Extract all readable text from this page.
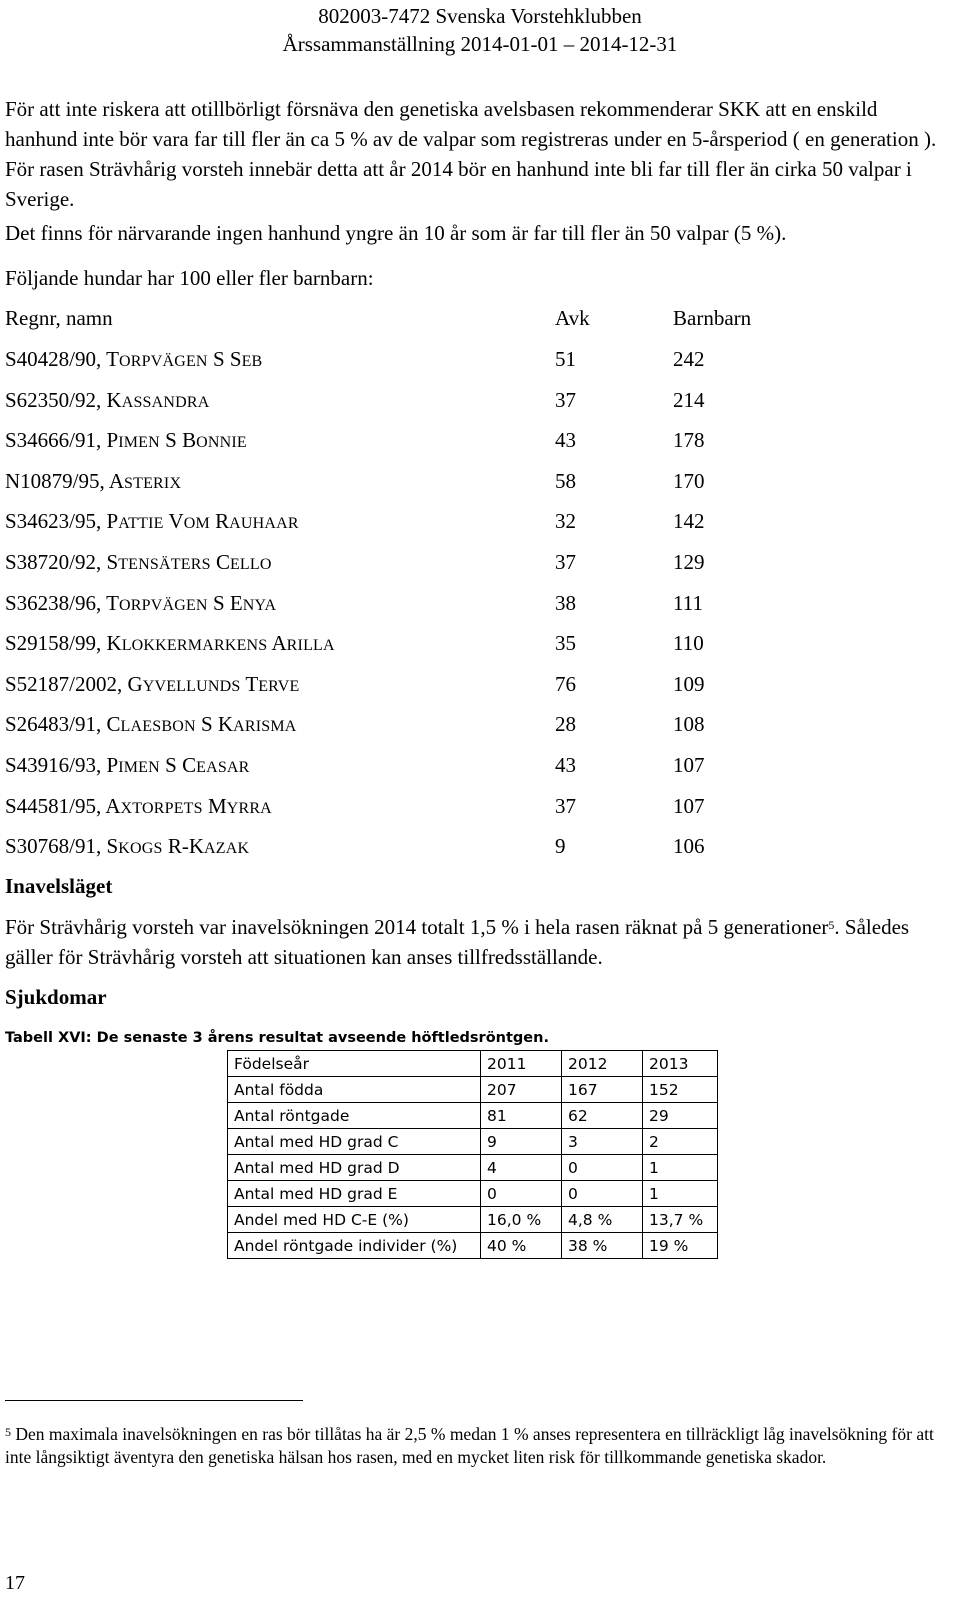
802003-7472 Svenska Vorstehklubben
Årssammanställning 2014-01-01 – 2014-12-31
För att inte riskera att otillbörligt försnäva den genetiska avelsbasen rekommenderar SKK att en enskild hanhund inte bör vara far till fler än ca 5 % av de valpar som registreras under en 5-årsperiod ( en generation ). För rasen Strävhårig vorsteh innebär detta att år 2014 bör en hanhund inte bli far till fler än cirka 50 valpar i Sverige.
Det finns för närvarande ingen hanhund yngre än 10 år som är far till fler än 50 valpar (5 %).
Följande hundar har 100 eller fler barnbarn:
Regnr, namn	Avk	Barnbarn
S40428/90, TORPVÄGEN S SEB	51	242
S62350/92, KASSANDRA	37	214
S34666/91, PIMEN S BONNIE	43	178
N10879/95, ASTERIX	58	170
S34623/95, PATTIE VOM RAUHAAR	32	142
S38720/92, STENSÄTERS CELLO	37	129
S36238/96, TORPVÄGEN S ENYA	38	111
S29158/99, KLOKKERMARKENS ARILLA	35	110
S52187/2002, GYVELLUNDS TERVE	76	109
S26483/91, CLAESBON S KARISMA	28	108
S43916/93, PIMEN S CEASAR	43	107
S44581/95, AXTORPETS MYRRA	37	107
S30768/91, SKOGS R-KAZAK	9	106
Inavelsläget
För Strävhårig vorsteh var inavelsökningen 2014 totalt 1,5 % i hela rasen räknat på 5 generationer$^5$. Således gäller för Strävhårig vorsteh att situationen kan anses tillfredsställande.
Sjukdomar
Tabell XVI: De senaste 3 årens resultat avseende höftledsröntgen.
Födelseår	2011	2012	2013
Antal födda	207	167	152
Antal röntgade	81	62	29
Antal med HD grad C	9	3	2
Antal med HD grad D	4	0	1
Antal med HD grad E	0	0	1
Andel med HD C-E (%)	16,0 %	4,8 %	13,7 %
Andel röntgade individer (%)	40 %	38 %	19 %
$^5$ Den maximala inavelsökningen en ras bör tillåtas ha är 2,5 % medan 1 % anses representera en tillräckligt låg inavelsökning för att inte långsiktigt äventyra den genetiska hälsan hos rasen, med en mycket liten risk för tillkommande genetiska skador.
17
